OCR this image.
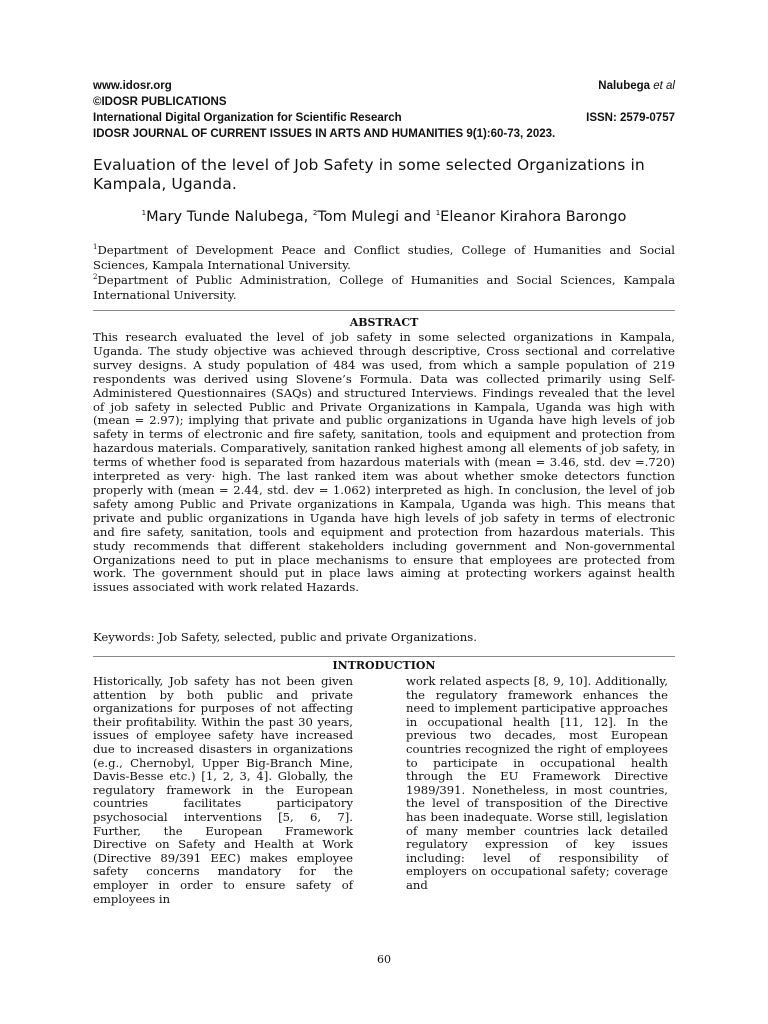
www.idosr.org	Nalubega et al
©IDOSR PUBLICATIONS
International Digital Organization for Scientific Research	ISSN: 2579-0757
IDOSR JOURNAL OF CURRENT ISSUES IN ARTS AND HUMANITIES 9(1):60-73, 2023.
Evaluation of the level of Job Safety in some selected Organizations in Kampala, Uganda.
$^1$Mary Tunde Nalubega, $^2$Tom Mulegi and $^1$Eleanor Kirahora Barongo
$^1$Department of Development Peace and Conflict studies, College of Humanities and Social Sciences, Kampala International University.
$^2$Department of Public Administration, College of Humanities and Social Sciences, Kampala International University.
ABSTRACT
This research evaluated the level of job safety in some selected organizations in Kampala, Uganda. The study objective was achieved through descriptive, Cross sectional and correlative survey designs. A study population of 484 was used, from which a sample population of 219 respondents was derived using Slovene’s Formula. Data was collected primarily using Self-Administered Questionnaires (SAQs) and structured Interviews. Findings revealed that the level of job safety in selected Public and Private Organizations in Kampala, Uganda was high with (mean = 2.97); implying that private and public organizations in Uganda have high levels of job safety in terms of electronic and fire safety, sanitation, tools and equipment and protection from hazardous materials. Comparatively, sanitation ranked highest among all elements of job safety, in terms of whether food is separated from hazardous materials with (mean = 3.46, std. dev =.720) interpreted as very· high. The last ranked item was about whether smoke detectors function properly with (mean = 2.44, std. dev = 1.062) interpreted as high. In conclusion, the level of job safety among Public and Private organizations in Kampala, Uganda was high. This means that private and public organizations in Uganda have high levels of job safety in terms of electronic and fire safety, sanitation, tools and equipment and protection from hazardous materials. This study recommends that different stakeholders including government and Non-governmental Organizations need to put in place mechanisms to ensure that employees are protected from work. The government should put in place laws aiming at protecting workers against health issues associated with work related Hazards.
Keywords: Job Safety, selected, public and private Organizations.
INTRODUCTION
Historically, Job safety has not been given attention by both public and private organizations for purposes of not affecting their profitability. Within the past 30 years, issues of employee safety have increased due to increased disasters in organizations (e.g., Chernobyl, Upper Big-Branch Mine, Davis-Besse etc.) [1, 2, 3, 4]. Globally, the regulatory framework in the European countries facilitates participatory psychosocial interventions [5, 6, 7]. Further, the European Framework Directive on Safety and Health at Work (Directive 89/391 EEC) makes employee safety concerns mandatory for the employer in order to ensure safety of employees in
work related aspects [8, 9, 10]. Additionally, the regulatory framework enhances the need to implement participative approaches in occupational health [11, 12]. In the previous two decades, most European countries recognized the right of employees to participate in occupational health through the EU Framework Directive 1989/391. Nonetheless, in most countries, the level of transposition of the Directive has been inadequate. Worse still, legislation of many member countries lack detailed regulatory expression of key issues including: level of responsibility of employers on occupational safety; coverage and
60
